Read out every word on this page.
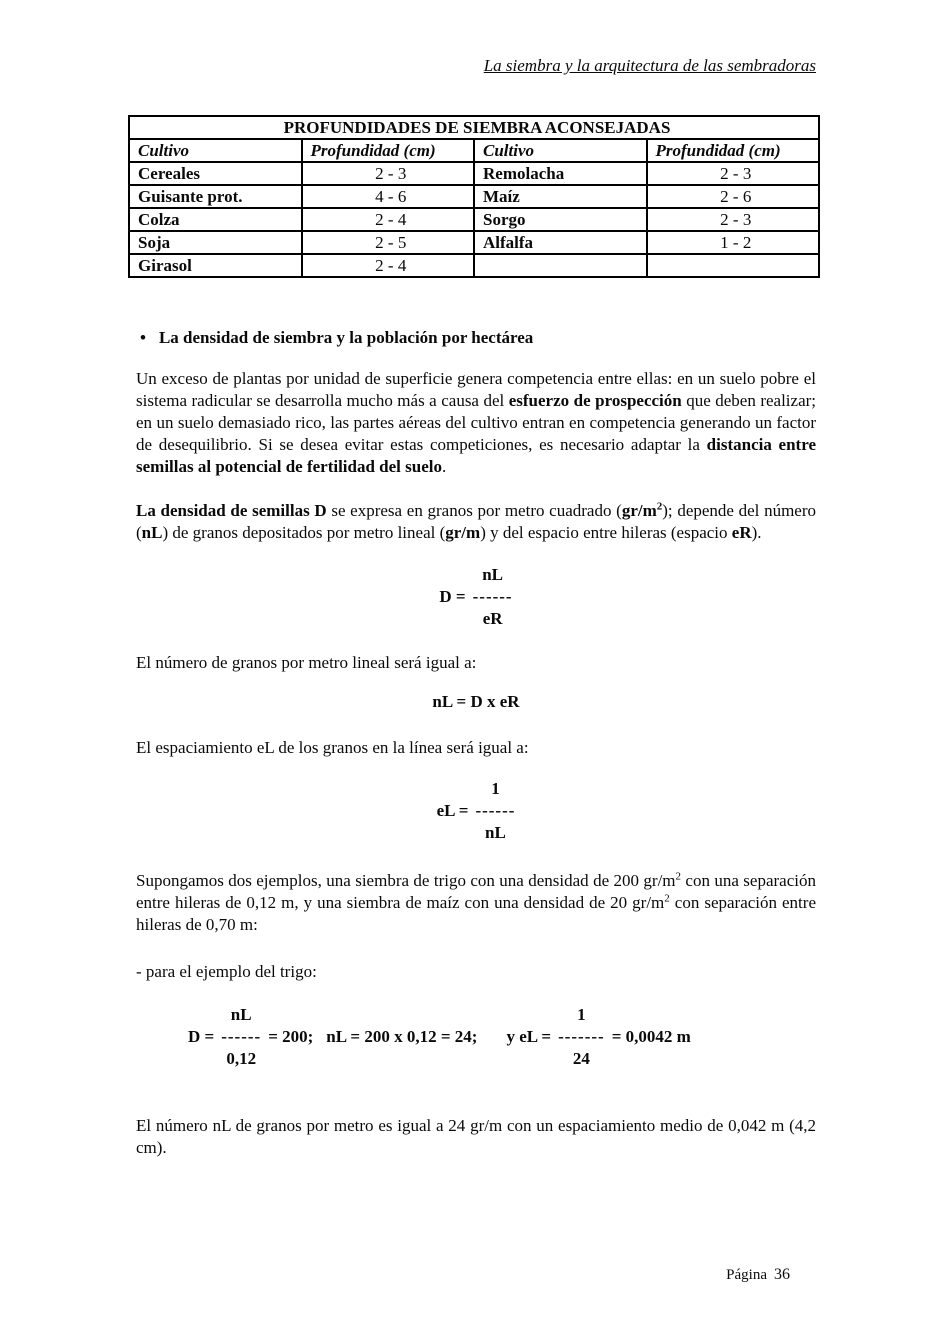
La siembra y la arquitectura de las sembradoras
PROFUNDIDADES DE SIEMBRA ACONSEJADAS			
Cultivo	Profundidad (cm)	Cultivo	Profundidad (cm)
Cereales	2 - 3	Remolacha	2 - 3
Guisante prot.	4 - 6	Maíz	2 - 6
Colza	2 - 4	Sorgo	2 - 3
Soja	2 - 5	Alfalfa	1 - 2
Girasol	2 - 4		
• La densidad de siembra y la población por hectárea
Un exceso de plantas por unidad de superficie genera competencia entre ellas: en un suelo pobre el sistema radicular se desarrolla mucho más a causa del esfuerzo de prospección que deben realizar; en un suelo demasiado rico, las partes aéreas del cultivo entran en competencia generando un factor de desequilibrio. Si se desea evitar estas competiciones, es necesario adaptar la distancia entre semillas al potencial de fertilidad del suelo.
La densidad de semillas D se expresa en granos por metro cuadrado $(gr/m^2)$; depende del número (nL) de granos depositados por metro lineal (gr/m) y del espacio entre hileras (espacio eR).
D =
nL
------
eR
El número de granos por metro lineal será igual a:
nL = D x eR
El espaciamiento eL de los granos en la línea será igual a:
eL =
1
------
nL
Supongamos dos ejemplos, una siembra de trigo con una densidad de 200 $gr/m^2$ con una separación entre hileras de 0,12 m, y una siembra de maíz con una densidad de 20 $gr/m^2$ con separación entre hileras de 0,70 m:
- para el ejemplo del trigo:
D =
nL
------
0,12
= 200; nL = 200 x 0,12 = 24; y eL =
1
-------
24
= 0,0042 m
El número nL de granos por metro es igual a 24 gr/m con un espaciamiento medio de 0,042 m (4,2 cm).
Página 36
